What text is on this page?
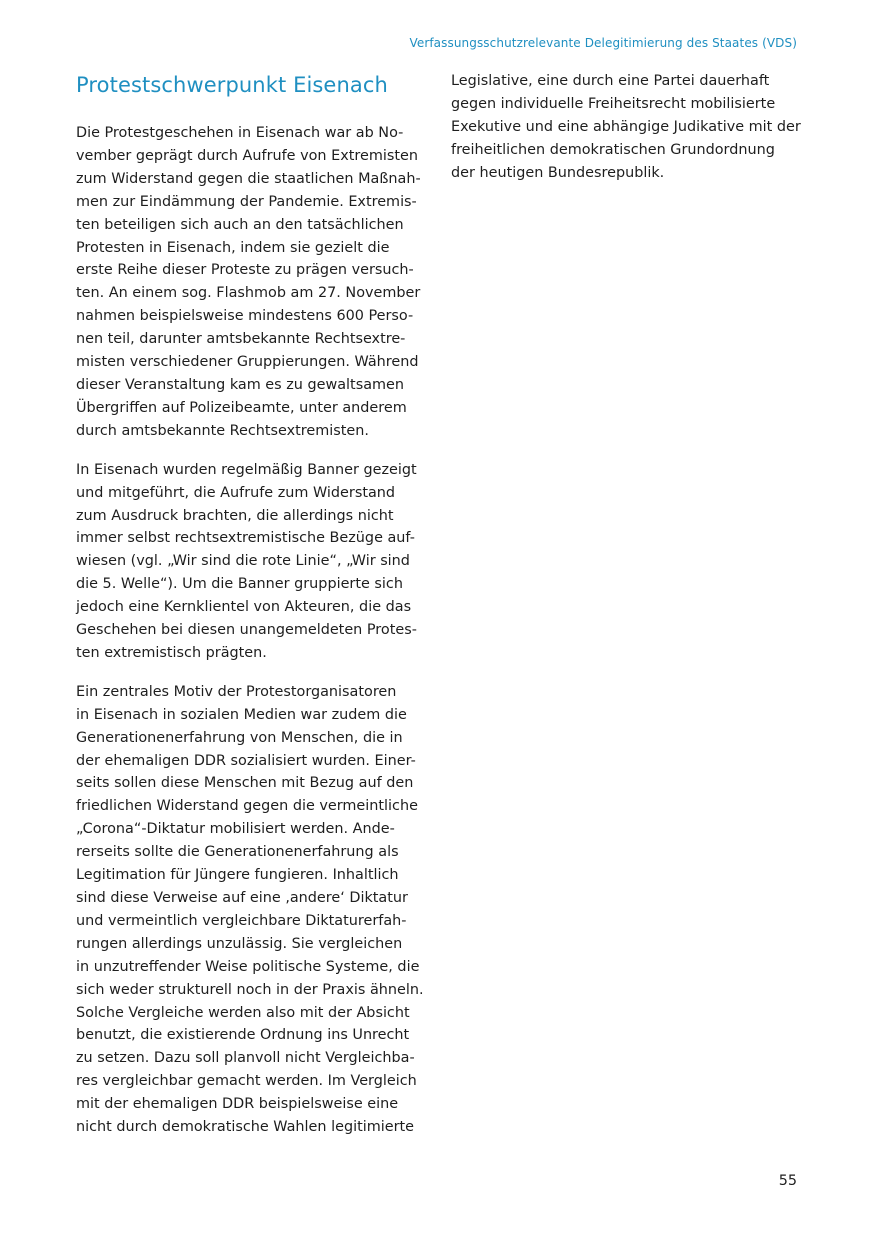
Verfassungsschutzrelevante Delegitimierung des Staates (VDS)
Protestschwerpunkt Eisenach

Die Protestgeschehen in Eisenach war ab No-
vember geprägt durch Aufrufe von Extremisten
zum Widerstand gegen die staatlichen Maßnah-
men zur Eindämmung der Pandemie. Extremis-
ten beteiligen sich auch an den tatsächlichen
Protesten in Eisenach, indem sie gezielt die
erste Reihe dieser Proteste zu prägen versuch-
ten. An einem sog. Flashmob am 27. November
nahmen beispielsweise mindestens 600 Perso-
nen teil, darunter amtsbekannte Rechtsextre-
misten verschiedener Gruppierungen. Während
dieser Veranstaltung kam es zu gewaltsamen
Übergriffen auf Polizeibeamte, unter anderem
durch amtsbekannte Rechtsextremisten.

In Eisenach wurden regelmäßig Banner gezeigt
und mitgeführt, die Aufrufe zum Widerstand
zum Ausdruck brachten, die allerdings nicht
immer selbst rechtsextremistische Bezüge auf-
wiesen (vgl. „Wir sind die rote Linie“, „Wir sind
die 5. Welle“). Um die Banner gruppierte sich
jedoch eine Kernklientel von Akteuren, die das
Geschehen bei diesen unangemeldeten Protes-
ten extremistisch prägten.

Ein zentrales Motiv der Protestorganisatoren
in Eisenach in sozialen Medien war zudem die
Generationenerfahrung von Menschen, die in
der ehemaligen DDR sozialisiert wurden. Einer-
seits sollen diese Menschen mit Bezug auf den
friedlichen Widerstand gegen die vermeintliche
„Corona“-Diktatur mobilisiert werden. Ande-
rerseits sollte die Generationenerfahrung als
Legitimation für Jüngere fungieren. Inhaltlich
sind diese Verweise auf eine ‚andere‘ Diktatur
und vermeintlich vergleichbare Diktaturerfah-
rungen allerdings unzulässig. Sie vergleichen
in unzutreffender Weise politische Systeme, die
sich weder strukturell noch in der Praxis ähneln.
Solche Vergleiche werden also mit der Absicht
benutzt, die existierende Ordnung ins Unrecht
zu setzen. Dazu soll planvoll nicht Vergleichba-
res vergleichbar gemacht werden. Im Vergleich
mit der ehemaligen DDR beispielsweise eine
nicht durch demokratische Wahlen legitimierte

Legislative, eine durch eine Partei dauerhaft
gegen individuelle Freiheitsrecht mobilisierte
Exekutive und eine abhängige Judikative mit der
freiheitlichen demokratischen Grundordnung
der heutigen Bundesrepublik.

55
